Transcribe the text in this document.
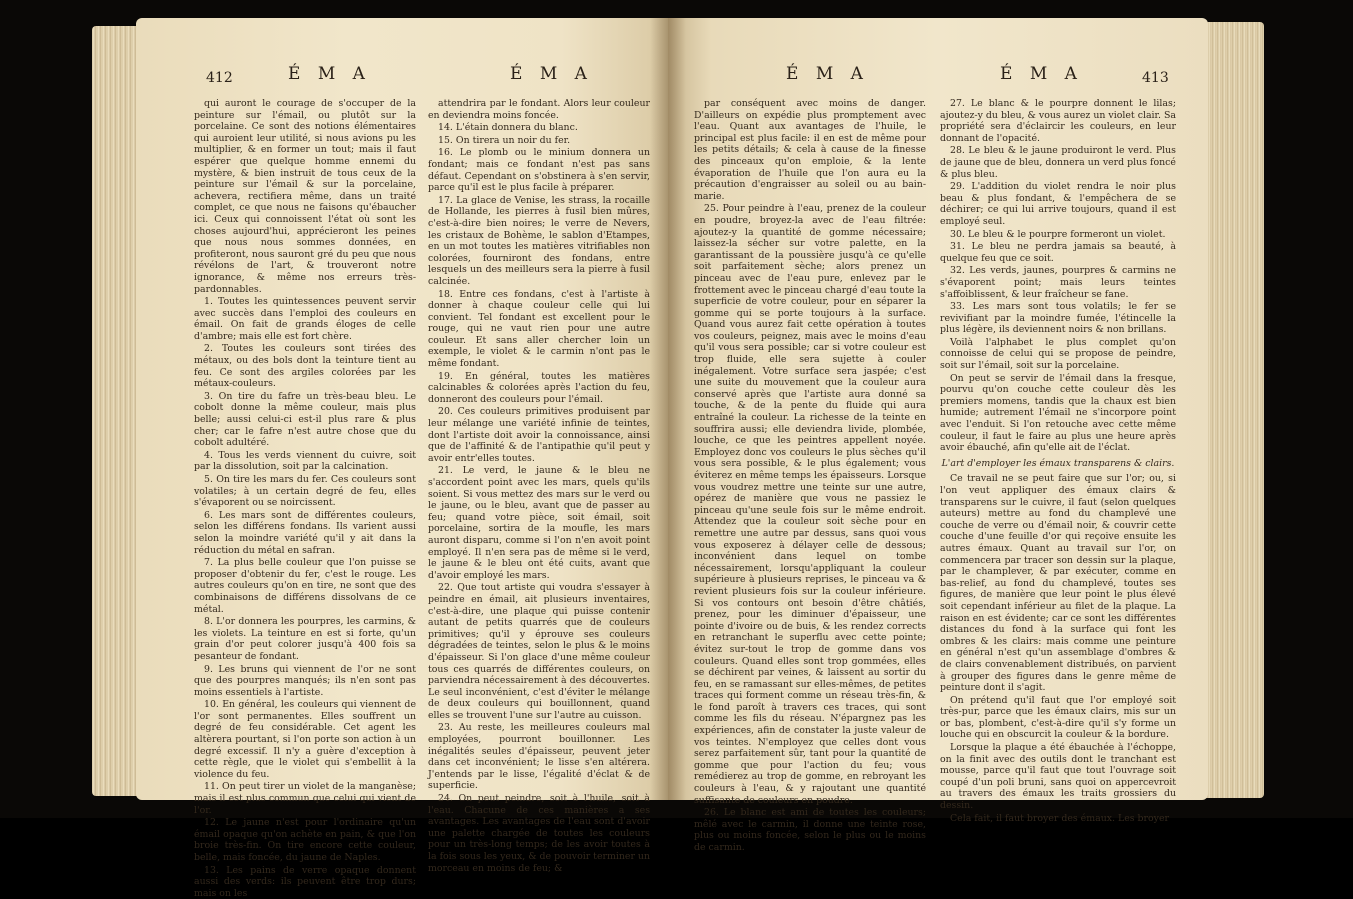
412	É M A	É M A

qui auront le courage de s'occuper de la peinture sur l'émail, ou plutôt sur la porcelaine. Ce sont des notions élémentaires qui auroient leur utilité, si nous avions pu les multiplier, & en former un tout; mais il faut espérer que quelque homme ennemi du mystère, & bien instruit de tous ceux de la peinture sur l'émail & sur la porcelaine, achevera, rectifiera même, dans un traité complet, ce que nous ne faisons qu'ébaucher ici. Ceux qui connoissent l'état où sont les choses aujourd'hui, apprécieront les peines que nous nous sommes données, en profiteront, nous sauront gré du peu que nous révélons de l'art, & trouveront notre ignorance, & même nos erreurs très-pardonnables.

1. Toutes les quintessences peuvent servir avec succès dans l'emploi des couleurs en émail. On fait de grands éloges de celle d'ambre; mais elle est fort chère.

2. Toutes les couleurs sont tirées des métaux, ou des bols dont la teinture tient au feu. Ce sont des argiles colorées par les métaux-couleurs.

3. On tire du fafre un très-beau bleu. Le cobolt donne la même couleur, mais plus belle; aussi celui-ci est-il plus rare & plus cher; car le fafre n'est autre chose que du cobolt adultéré.

4. Tous les verds viennent du cuivre, soit par la dissolution, soit par la calcination.

5. On tire les mars du fer. Ces couleurs sont volatiles; à un certain degré de feu, elles s'évaporent ou se noircissent.

6. Les mars sont de différentes couleurs, selon les différens fondans. Ils varient aussi selon la moindre variété qu'il y ait dans la réduction du métal en safran.

7. La plus belle couleur que l'on puisse se proposer d'obtenir du fer, c'est le rouge. Les autres couleurs qu'on en tire, ne sont que des combinaisons de différens dissolvans de ce métal.

8. L'or donnera les pourpres, les carmins, & les violets. La teinture en est si forte, qu'un grain d'or peut colorer jusqu'à 400 fois sa pesanteur de fondant.

9. Les bruns qui viennent de l'or ne sont que des pourpres manqués; ils n'en sont pas moins essentiels à l'artiste.

10. En général, les couleurs qui viennent de l'or sont permanentes. Elles souffrent un degré de feu considérable. Cet agent les altèrera pourtant, si l'on porte son action à un degré excessif. Il n'y a guère d'exception à cette règle, que le violet qui s'embellit à la violence du feu.

11. On peut tirer un violet de la manganèse; mais il est plus commun que celui qui vient de l'or.

12. Le jaune n'est pour l'ordinaire qu'un émail opaque qu'on achète en pain, & que l'on broie très-fin. On tire encore cette couleur, belle, mais foncée, du jaune de Naples.

13. Les pains de verre opaque donnent aussi des verds: ils peuvent être trop durs; mais on les

attendrira par le fondant. Alors leur couleur en deviendra moins foncée.

14. L'étain donnera du blanc.

15. On tirera un noir du fer.

16. Le plomb ou le minium donnera un fondant; mais ce fondant n'est pas sans défaut. Cependant on s'obstinera à s'en servir, parce qu'il est le plus facile à préparer.

17. La glace de Venise, les strass, la rocaille de Hollande, les pierres à fusil bien mûres, c'est-à-dire bien noires; le verre de Nevers, les cristaux de Bohème, le sablon d'Etampes, en un mot toutes les matières vitrifiables non colorées, fourniront des fondans, entre lesquels un des meilleurs sera la pierre à fusil calcinée.

18. Entre ces fondans, c'est à l'artiste à donner à chaque couleur celle qui lui convient. Tel fondant est excellent pour le rouge, qui ne vaut rien pour une autre couleur. Et sans aller chercher loin un exemple, le violet & le carmin n'ont pas le même fondant.

19. En général, toutes les matières calcinables & colorées après l'action du feu, donneront des couleurs pour l'émail.

20. Ces couleurs primitives produisent par leur mélange une variété infinie de teintes, dont l'artiste doit avoir la connoissance, ainsi que de l'affinité & de l'antipathie qu'il peut y avoir entr'elles toutes.

21. Le verd, le jaune & le bleu ne s'accordent point avec les mars, quels qu'ils soient. Si vous mettez des mars sur le verd ou le jaune, ou le bleu, avant que de passer au feu; quand votre pièce, soit émail, soit porcelaine, sortira de la moufle, les mars auront disparu, comme si l'on n'en avoit point employé. Il n'en sera pas de même si le verd, le jaune & le bleu ont été cuits, avant que d'avoir employé les mars.

22. Que tout artiste qui voudra s'essayer à peindre en émail, ait plusieurs inventaires, c'est-à-dire, une plaque qui puisse contenir autant de petits quarrés que de couleurs primitives; qu'il y éprouve ses couleurs dégradées de teintes, selon le plus & le moins d'épaisseur. Si l'on glace d'une même couleur tous ces quarrés de différentes couleurs, on parviendra nécessairement à des découvertes. Le seul inconvénient, c'est d'éviter le mélange de deux couleurs qui bouillonnent, quand elles se trouvent l'une sur l'autre au cuisson.

23. Au reste, les meilleures couleurs mal employées, pourront bouillonner. Les inégalités seules d'épaisseur, peuvent jeter dans cet inconvénient; le lisse s'en altérera. J'entends par le lisse, l'égalité d'éclat & de superficie.

24. On peut peindre, soit à l'huile, soit à l'eau. Chacune de ces manières a ses avantages. Les avantages de l'eau sont d'avoir une palette chargée de toutes les couleurs pour un très-long temps; de les avoir toutes à la fois sous les yeux, & de pouvoir terminer un morceau en moins de feu; &

É M A	É M A	413

par conséquent avec moins de danger. D'ailleurs on expédie plus promptement avec l'eau. Quant aux avantages de l'huile, le principal est plus facile: il en est de même pour les petits détails; & cela à cause de la finesse des pinceaux qu'on emploie, & la lente évaporation de l'huile que l'on aura eu la précaution d'engraisser au soleil ou au bain-marie.

25. Pour peindre à l'eau, prenez de la couleur en poudre, broyez-la avec de l'eau filtrée: ajoutez-y la quantité de gomme nécessaire; laissez-la sécher sur votre palette, en la garantissant de la poussière jusqu'à ce qu'elle soit parfaitement sèche; alors prenez un pinceau avec de l'eau pure, enlevez par le frottement avec le pinceau chargé d'eau toute la superficie de votre couleur, pour en séparer la gomme qui se porte toujours à la surface. Quand vous aurez fait cette opération à toutes vos couleurs, peignez, mais avec le moins d'eau qu'il vous sera possible; car si votre couleur est trop fluide, elle sera sujette à couler inégalement. Votre surface sera jaspée; c'est une suite du mouvement que la couleur aura conservé après que l'artiste aura donné sa touche, & de la pente du fluide qui aura entraîné la couleur. La richesse de la teinte en souffrira aussi; elle deviendra livide, plombée, louche, ce que les peintres appellent noyée. Employez donc vos couleurs le plus sèches qu'il vous sera possible, & le plus également; vous éviterez en même temps les épaisseurs. Lorsque vous voudrez mettre une teinte sur une autre, opérez de manière que vous ne passiez le pinceau qu'une seule fois sur le même endroit. Attendez que la couleur soit sèche pour en remettre une autre par dessus, sans quoi vous vous exposerez à délayer celle de dessous; inconvénient dans lequel on tombe nécessairement, lorsqu'appliquant la couleur supérieure à plusieurs reprises, le pinceau va & revient plusieurs fois sur la couleur inférieure. Si vos contours ont besoin d'être châtiés, prenez, pour les diminuer d'épaisseur, une pointe d'ivoire ou de buis, & les rendez corrects en retranchant le superflu avec cette pointe; évitez sur-tout le trop de gomme dans vos couleurs. Quand elles sont trop gommées, elles se déchirent par veines, & laissent au sortir du feu, en se ramassant sur elles-mêmes, de petites traces qui forment comme un réseau très-fin, & le fond paroît à travers ces traces, qui sont comme les fils du réseau. N'épargnez pas les expériences, afin de constater la juste valeur de vos teintes. N'employez que celles dont vous serez parfaitement sûr, tant pour la quantité de gomme que pour l'action du feu; vous remédierez au trop de gomme, en rebroyant les couleurs à l'eau, & y rajoutant une quantité suffisante de couleurs en poudre.

26. Le blanc est ami de toutes les couleurs; mêlé avec le carmin, il donne une teinte rose, plus ou moins foncée, selon le plus ou le moins de carmin.

27. Le blanc & le pourpre donnent le lilas; ajoutez-y du bleu, & vous aurez un violet clair. Sa propriété sera d'éclaircir les couleurs, en leur donnant de l'opacité.

28. Le bleu & le jaune produiront le verd. Plus de jaune que de bleu, donnera un verd plus foncé & plus bleu.

29. L'addition du violet rendra le noir plus beau & plus fondant, & l'empêchera de se déchirer; ce qui lui arrive toujours, quand il est employé seul.

30. Le bleu & le pourpre formeront un violet.

31. Le bleu ne perdra jamais sa beauté, à quelque feu que ce soit.

32. Les verds, jaunes, pourpres & carmins ne s'évaporent point; mais leurs teintes s'affoiblissent, & leur fraîcheur se fane.

33. Les mars sont tous volatils; le fer se revivifiant par la moindre fumée, l'étincelle la plus légère, ils deviennent noirs & non brillans.

Voilà l'alphabet le plus complet qu'on connoisse de celui qui se propose de peindre, soit sur l'émail, soit sur la porcelaine.

On peut se servir de l'émail dans la fresque, pourvu qu'on couche cette couleur dès les premiers momens, tandis que la chaux est bien humide; autrement l'émail ne s'incorpore point avec l'enduit. Si l'on retouche avec cette même couleur, il faut le faire au plus une heure après avoir ébauché, afin qu'elle ait de l'éclat.

L'art d'employer les émaux transparens & clairs.

Ce travail ne se peut faire que sur l'or; ou, si l'on veut appliquer des émaux clairs & transparens sur le cuivre, il faut (selon quelques auteurs) mettre au fond du champlevé une couche de verre ou d'émail noir, & couvrir cette couche d'une feuille d'or qui reçoive ensuite les autres émaux. Quant au travail sur l'or, on commencera par tracer son dessin sur la plaque, par le champlever, & par exécuter, comme en bas-relief, au fond du champlevé, toutes ses figures, de manière que leur point le plus élevé soit cependant inférieur au filet de la plaque. La raison en est évidente; car ce sont les différentes distances du fond à la surface qui font les ombres & les clairs: mais comme une peinture en général n'est qu'un assemblage d'ombres & de clairs convenablement distribués, on parvient à grouper des figures dans le genre même de peinture dont il s'agit.

On prétend qu'il faut que l'or employé soit très-pur, parce que les émaux clairs, mis sur un or bas, plombent, c'est-à-dire qu'il s'y forme un louche qui en obscurcit la couleur & la bordure.

Lorsque la plaque a été ébauchée à l'échoppe, on la finit avec des outils dont le tranchant est mousse, parce qu'il faut que tout l'ouvrage soit coupé d'un poli bruni, sans quoi on appercevroit au travers des émaux les traits grossiers du dessin.

Cela fait, il faut broyer des émaux. Les broyer
